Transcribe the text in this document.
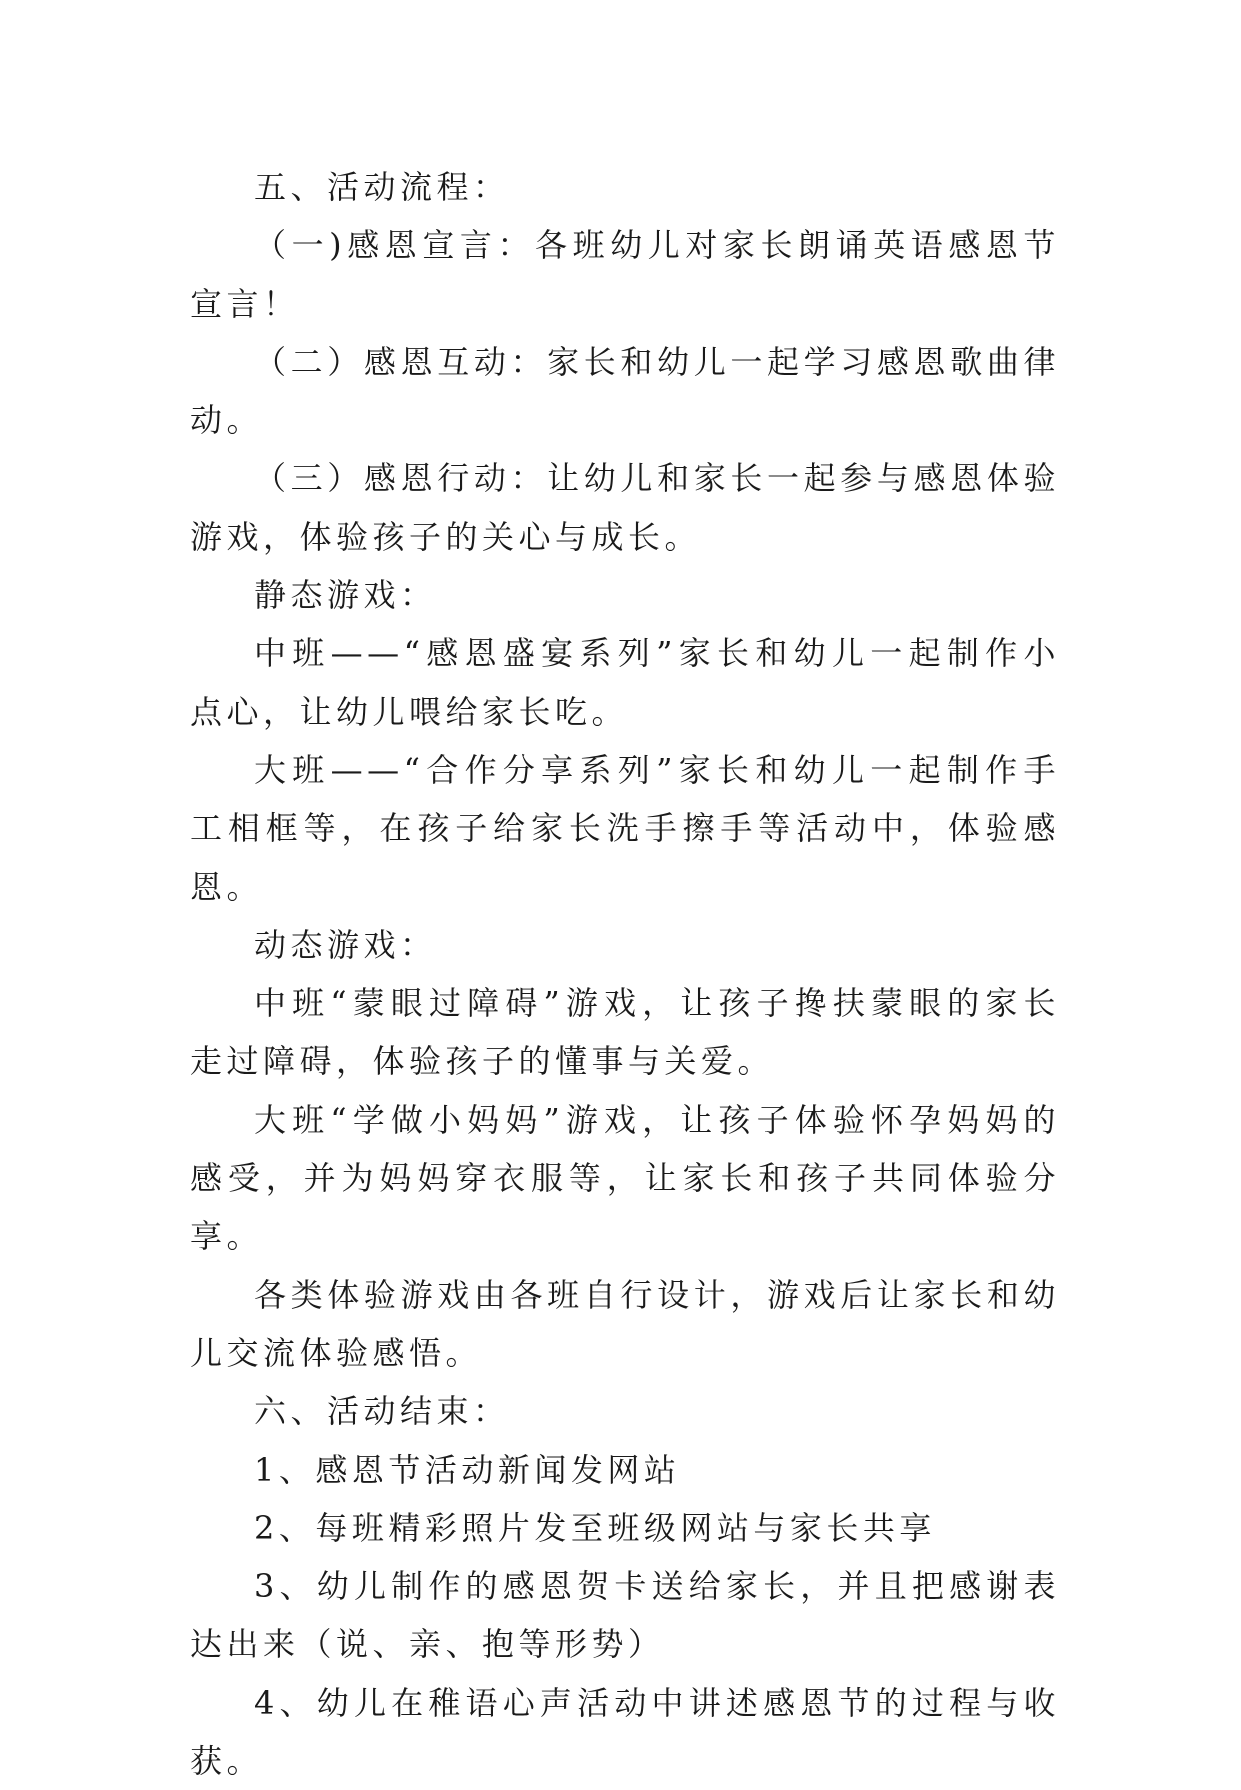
五、活动流程：

（一)感恩宣言：各班幼儿对家长朗诵英语感恩节宣言！

（二）感恩互动：家长和幼儿一起学习感恩歌曲律动。

（三）感恩行动：让幼儿和家长一起参与感恩体验游戏，体验孩子的关心与成长。

静态游戏：

中班——“感恩盛宴系列”家长和幼儿一起制作小点心，让幼儿喂给家长吃。

大班——“合作分享系列”家长和幼儿一起制作手工相框等，在孩子给家长洗手擦手等活动中，体验感恩。

动态游戏：

中班“蒙眼过障碍”游戏，让孩子搀扶蒙眼的家长走过障碍，体验孩子的懂事与关爱。

大班“学做小妈妈”游戏，让孩子体验怀孕妈妈的感受，并为妈妈穿衣服等，让家长和孩子共同体验分享。

各类体验游戏由各班自行设计，游戏后让家长和幼儿交流体验感悟。

六、活动结束：

1、感恩节活动新闻发网站

2、每班精彩照片发至班级网站与家长共享

3、幼儿制作的感恩贺卡送给家长，并且把感谢表达出来（说、亲、抱等形势）

4、幼儿在稚语心声活动中讲述感恩节的过程与收获。
